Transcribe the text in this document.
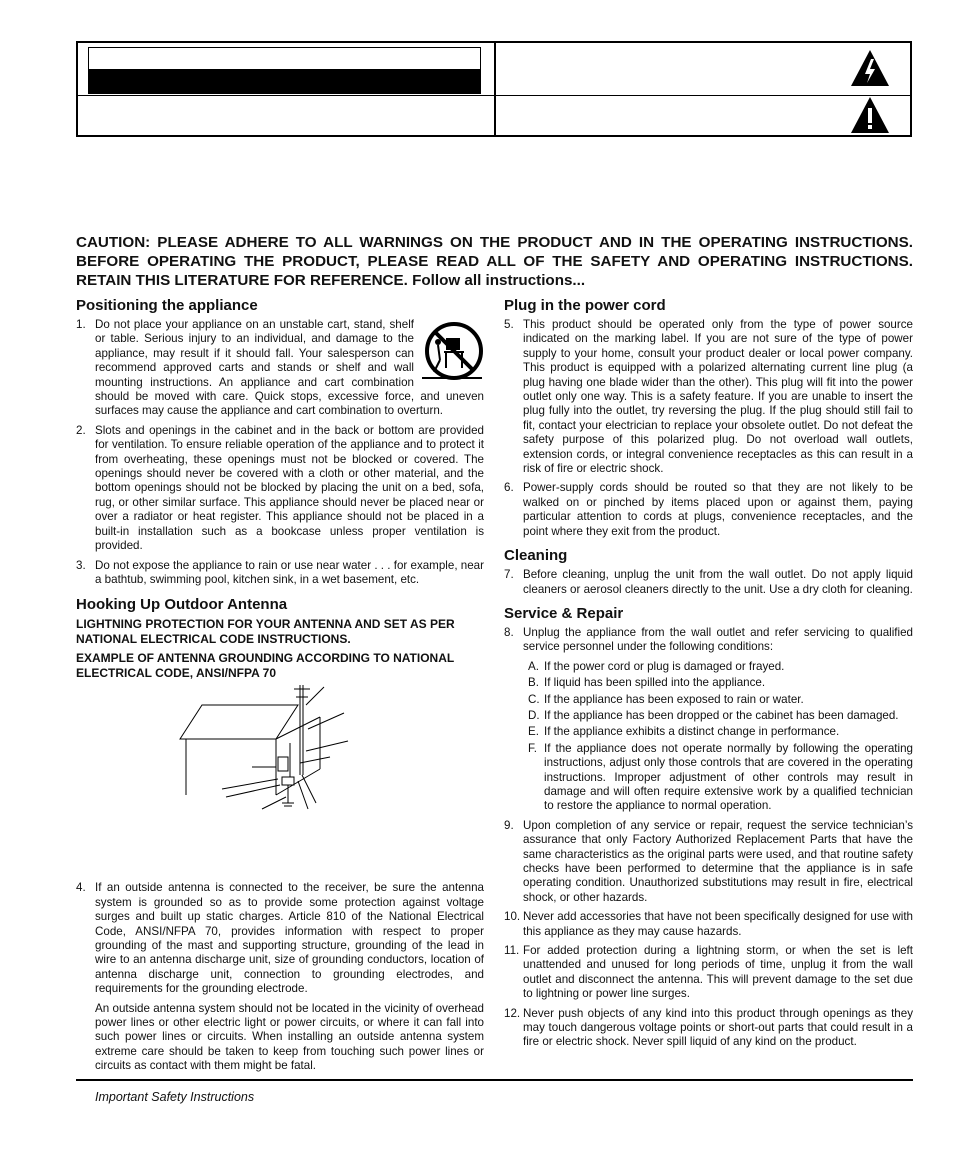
CAUTION: PLEASE ADHERE TO ALL WARNINGS ON THE PRODUCT AND IN THE OPERATING INSTRUCTIONS. BEFORE OPERATING THE PRODUCT, PLEASE READ ALL OF THE SAFETY AND OPERATING INSTRUCTIONS. RETAIN THIS LITERATURE FOR REFERENCE. Follow all instructions...
Positioning the appliance
1. Do not place your appliance on an unstable cart, stand, shelf or table. Serious injury to an individual, and damage to the appliance, may result if it should fall. Your salesperson can recommend approved carts and stands or shelf and wall mounting instructions. An appliance and cart combination should be moved with care. Quick stops, excessive force, and uneven surfaces may cause the appliance and cart combination to overturn.
2. Slots and openings in the cabinet and in the back or bottom are provided for ventilation. To ensure reliable operation of the appliance and to protect it from overheating, these openings must not be blocked or covered. The openings should never be covered with a cloth or other material, and the bottom openings should not be blocked by placing the unit on a bed, sofa, rug, or other similar surface. This appliance should never be placed near or over a radiator or heat register. This appliance should not be placed in a built-in installation such as a bookcase unless proper ventilation is provided.
3. Do not expose the appliance to rain or use near water . . . for example, near a bathtub, swimming pool, kitchen sink, in a wet basement, etc.
Hooking Up Outdoor Antenna
LIGHTNING PROTECTION FOR YOUR ANTENNA AND SET AS PER NATIONAL ELECTRICAL CODE INSTRUCTIONS.
EXAMPLE OF ANTENNA GROUNDING ACCORDING TO NATIONAL ELECTRICAL CODE, ANSI/NFPA 70
4. If an outside antenna is connected to the receiver, be sure the antenna system is grounded so as to provide some protection against voltage surges and built up static charges. Article 810 of the National Electrical Code, ANSI/NFPA 70, provides information with respect to proper grounding of the mast and supporting structure, grounding of the lead in wire to an antenna discharge unit, size of grounding conductors, location of antenna discharge unit, connection to grounding electrodes, and requirements for the grounding electrode.
An outside antenna system should not be located in the vicinity of overhead power lines or other electric light or power circuits, or where it can fall into such power lines or circuits. When installing an outside antenna system extreme care should be taken to keep from touching such power lines or circuits as contact with them might be fatal.
Plug in the power cord
5. This product should be operated only from the type of power source indicated on the marking label. If you are not sure of the type of power supply to your home, consult your product dealer or local power company. This product is equipped with a polarized alternating current line plug (a plug having one blade wider than the other). This plug will fit into the power outlet only one way. This is a safety feature. If you are unable to insert the plug fully into the outlet, try reversing the plug. If the plug should still fail to fit, contact your electrician to replace your obsolete outlet. Do not defeat the safety purpose of this polarized plug. Do not overload wall outlets, extension cords, or integral convenience receptacles as this can result in a risk of fire or electric shock.
6. Power-supply cords should be routed so that they are not likely to be walked on or pinched by items placed upon or against them, paying particular attention to cords at plugs, convenience receptacles, and the point where they exit from the product.
Cleaning
7. Before cleaning, unplug the unit from the wall outlet. Do not apply liquid cleaners or aerosol cleaners directly to the unit. Use a dry cloth for cleaning.
Service & Repair
8. Unplug the appliance from the wall outlet and refer servicing to qualified service personnel under the following conditions:
A. If the power cord or plug is damaged or frayed.
B. If liquid has been spilled into the appliance.
C. If the appliance has been exposed to rain or water.
D. If the appliance has been dropped or the cabinet has been damaged.
E. If the appliance exhibits a distinct change in performance.
F. If the appliance does not operate normally by following the operating instructions, adjust only those controls that are covered in the operating instructions. Improper adjustment of other controls may result in damage and will often require extensive work by a qualified technician to restore the appliance to normal operation.
9. Upon completion of any service or repair, request the service technician’s assurance that only Factory Authorized Replacement Parts that have the same characteristics as the original parts were used, and that routine safety checks have been performed to determine that the appliance is in safe operating condition. Unauthorized substitutions may result in fire, electrical shock, or other hazards.
10. Never add accessories that have not been specifically designed for use with this appliance as they may cause hazards.
11. For added protection during a lightning storm, or when the set is left unattended and unused for long periods of time, unplug it from the wall outlet and disconnect the antenna. This will prevent damage to the set due to lightning or power line surges.
12. Never push objects of any kind into this product through openings as they may touch dangerous voltage points or short-out parts that could result in a fire or electric shock. Never spill liquid of any kind on the product.
Important Safety Instructions
